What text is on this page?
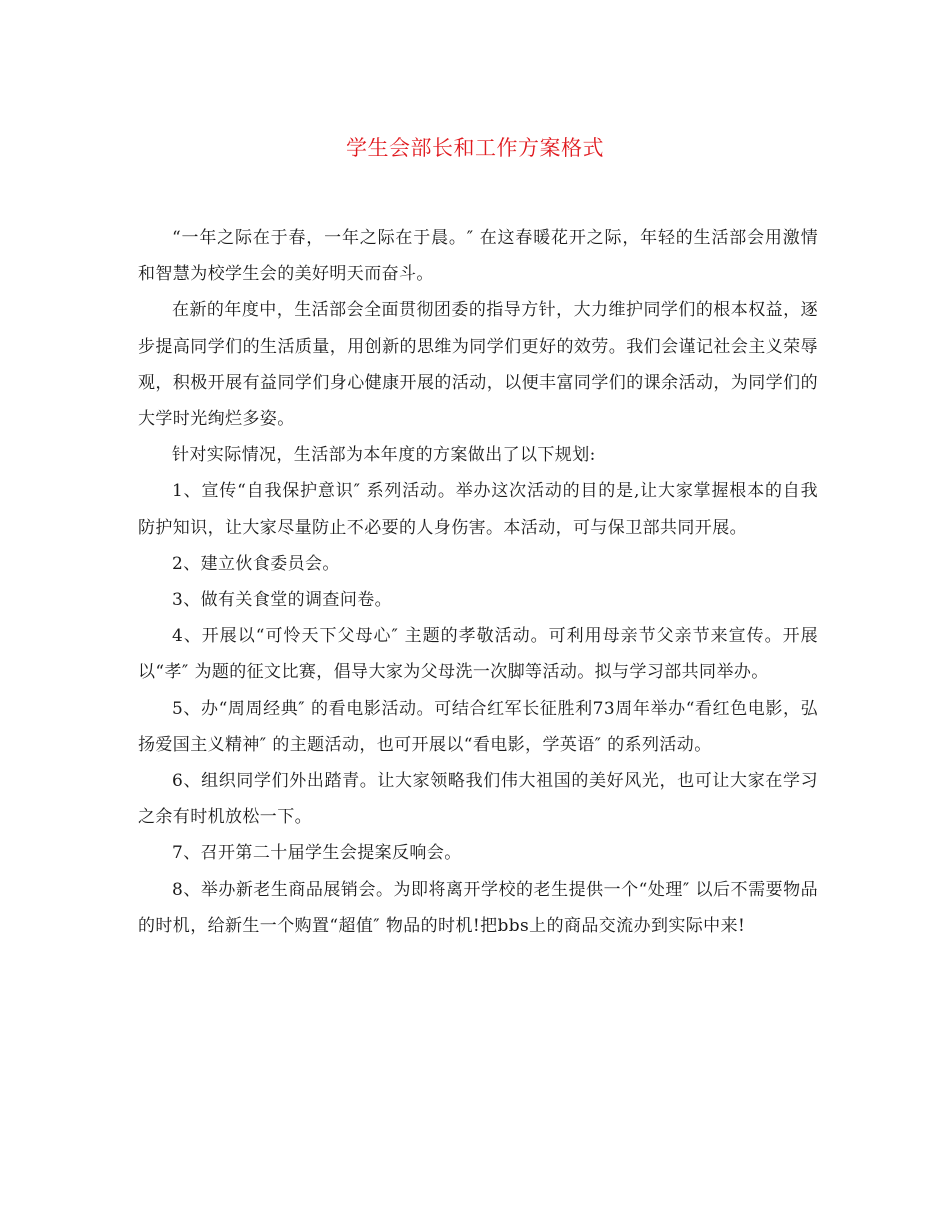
学生会部长和工作方案格式

“一年之际在于春，一年之际在于晨。″ 在这春暖花开之际，年轻的生活部会用激情和智慧为校学生会的美好明天而奋斗。

在新的年度中，生活部会全面贯彻团委的指导方针，大力维护同学们的根本权益，逐步提高同学们的生活质量，用创新的思维为同学们更好的效劳。我们会谨记社会主义荣辱观，积极开展有益同学们身心健康开展的活动，以便丰富同学们的课余活动，为同学们的大学时光绚烂多姿。

针对实际情况，生活部为本年度的方案做出了以下规划:

1、宣传“自我保护意识″ 系列活动。举办这次活动的目的是,让大家掌握根本的自我防护知识，让大家尽量防止不必要的人身伤害。本活动，可与保卫部共同开展。

2、建立伙食委员会。

3、做有关食堂的调查问卷。

4、开展以“可怜天下父母心″ 主题的孝敬活动。可利用母亲节父亲节来宣传。开展以“孝″ 为题的征文比赛，倡导大家为父母洗一次脚等活动。拟与学习部共同举办。

5、办“周周经典″ 的看电影活动。可结合红军长征胜利73周年举办“看红色电影，弘扬爱国主义精神″ 的主题活动，也可开展以“看电影，学英语″ 的系列活动。

6、组织同学们外出踏青。让大家领略我们伟大祖国的美好风光，也可让大家在学习之余有时机放松一下。

7、召开第二十届学生会提案反响会。

8、举办新老生商品展销会。为即将离开学校的老生提供一个“处理″ 以后不需要物品的时机，给新生一个购置“超值″ 物品的时机!把bbs上的商品交流办到实际中来!
